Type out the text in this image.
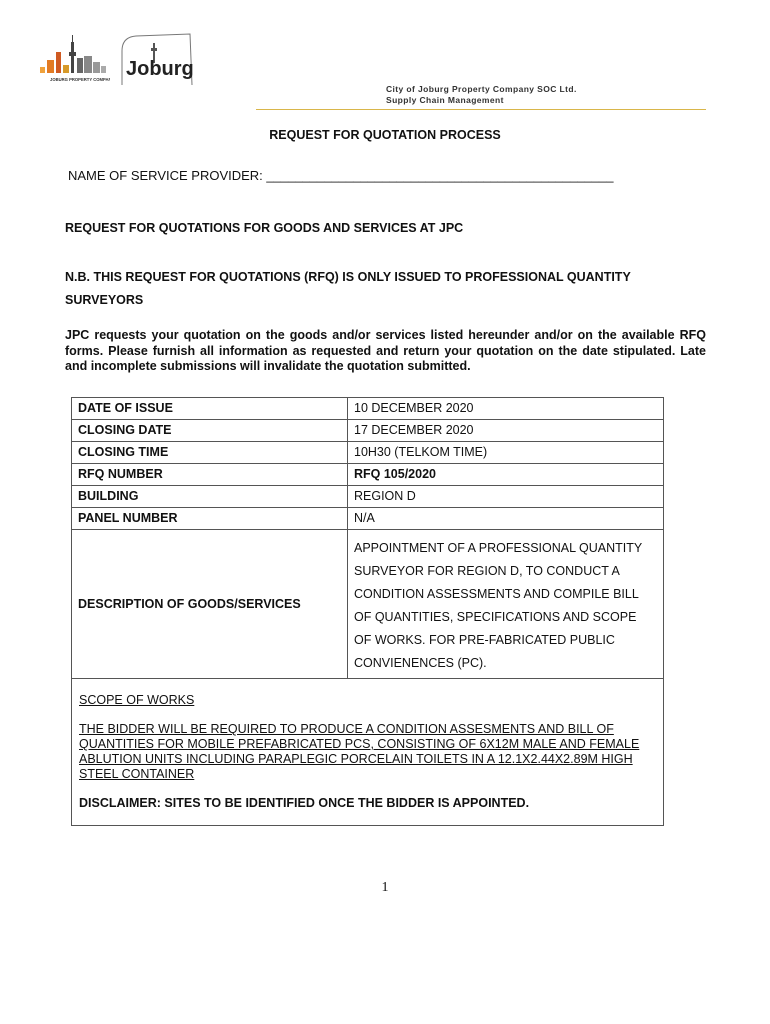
JOBURG PROPERTY COMPANY Joburg
City of Joburg Property Company SOC Ltd.
Supply Chain Management
REQUEST FOR QUOTATION PROCESS
NAME OF SERVICE PROVIDER: ________________________________________________
REQUEST FOR QUOTATIONS FOR GOODS AND SERVICES AT JPC
N.B. THIS REQUEST FOR QUOTATIONS (RFQ) IS ONLY ISSUED TO PROFESSIONAL QUANTITY SURVEYORS
JPC requests your quotation on the goods and/or services listed hereunder and/or on the available RFQ forms. Please furnish all information as requested and return your quotation on the date stipulated. Late and incomplete submissions will invalidate the quotation submitted.
DATE OF ISSUE	10 DECEMBER 2020
CLOSING DATE	17 DECEMBER 2020
CLOSING TIME	10H30 (TELKOM TIME)
RFQ NUMBER	RFQ 105/2020
BUILDING	REGION D
PANEL NUMBER	N/A
DESCRIPTION OF GOODS/SERVICES	APPOINTMENT OF A PROFESSIONAL QUANTITY SURVEYOR FOR REGION D, TO CONDUCT A CONDITION ASSESSMENTS AND COMPILE BILL OF QUANTITIES, SPECIFICATIONS AND SCOPE OF WORKS. FOR PRE-FABRICATED PUBLIC CONVIENENCES (PC).

SCOPE OF WORKS
THE BIDDER WILL BE REQUIRED TO PRODUCE A CONDITION ASSESMENTS AND BILL OF QUANTITIES FOR MOBILE PREFABRICATED PCS, CONSISTING OF 6X12M MALE AND FEMALE ABLUTION UNITS INCLUDING PARAPLEGIC PORCELAIN TOILETS IN A 12.1X2.44X2.89M HIGH STEEL CONTAINER
DISCLAIMER: SITES TO BE IDENTIFIED ONCE THE BIDDER IS APPOINTED.	
1
